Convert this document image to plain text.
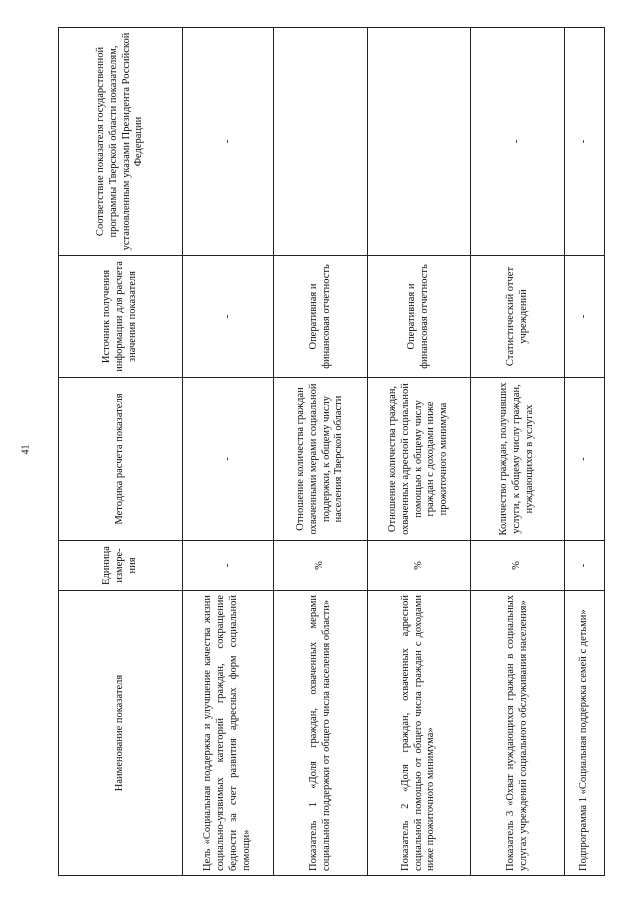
41
Наименование показателя	Единица измере-ния	Методика расчета показателя	Источник получения информации для расчета значения показателя	Соответствие показателя государственной программы Тверской области показателям, установленным указами Президента Российской Федерации
Цель «Социальная поддержка и улучшение качества жизни социально-уязвимых категорий граждан, сокращение бедности за счет развития адресных форм социальной помощи»	-	-	-	-
Показатель 1 «Доля граждан, охваченных мерами социальной поддержки от общего числа населения области»	%	Отношение количества граждан охваченными мерами социальной поддержки, к общему числу населения Тверской области	Оперативная и финансовая отчетность	
Показатель 2 «Доля граждан, охваченных адресной социальной помощью от общего числа граждан с доходами ниже прожиточного минимума»	%	Отношение количества граждан, охваченных адресной социальной помощью к общему числу граждан с доходами ниже прожиточного минимума	Оперативная и финансовая отчетность	
Показатель 3 «Охват нуждающихся граждан в социальных услугах учреждений социального обслуживания населения»	%	Количество граждан, получивших услуги, к общему числу граждан, нуждающихся в услугах	Статистический отчет учреждений	-
Подпрограмма 1 «Социальная поддержка семей с детьми»	-	-	-	-
